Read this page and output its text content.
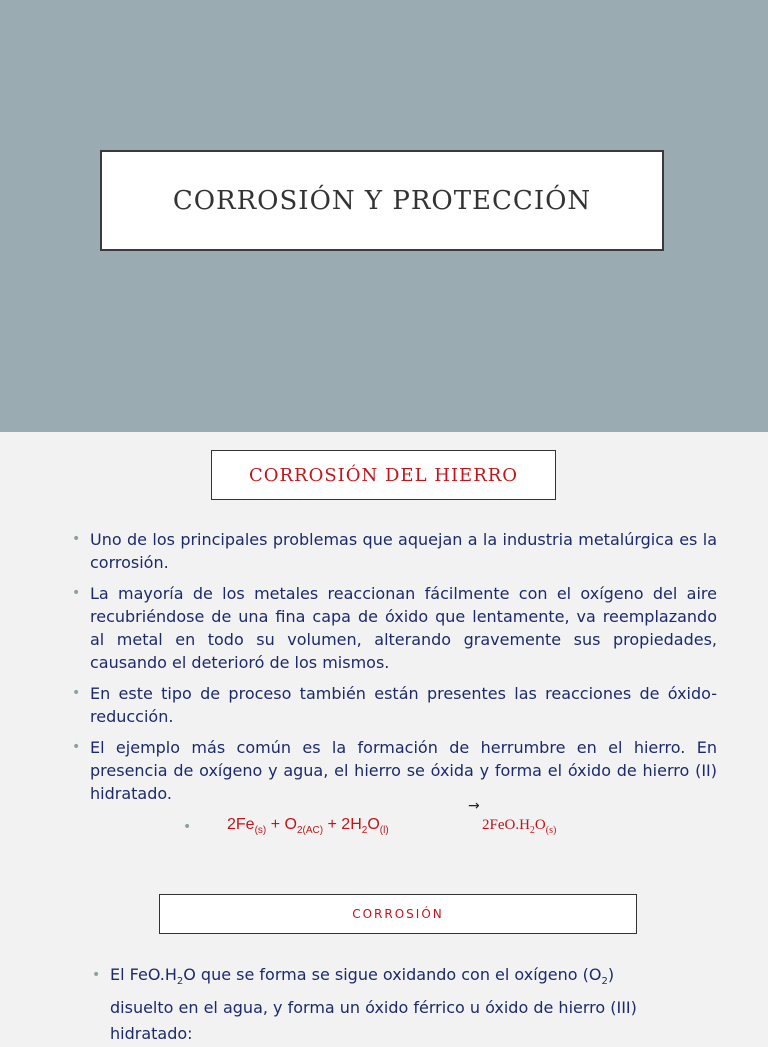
CORROSIÓN Y PROTECCIÓN
CORROSIÓN DEL HIERRO
• Uno de los principales problemas que aquejan a la industria metalúrgica es la corrosión.
• La mayoría de los metales reaccionan fácilmente con el oxígeno del aire recubriéndose de una fina capa de óxido que lentamente, va reemplazando al metal en todo su volumen, alterando gravemente sus propiedades, causando el deterioró de los mismos.
• En este tipo de proceso también están presentes las reacciones de óxido-reducción.
• El ejemplo más común es la formación de herrumbre en el hierro. En presencia de oxígeno y agua, el hierro se óxida y forma el óxido de hierro (II) hidratado.
• $2Fe_{(s)} + O_{2(AC)} + 2H_2O_{(l)}$
→
$2FeO.H_2O_{(s)}$
CORROSIÓN
• El $FeO.H_2O$ que se forma se sigue oxidando con el oxígeno $(O_2)$ disuelto en el agua, y forma un óxido férrico u óxido de hierro (III) hidratado:
